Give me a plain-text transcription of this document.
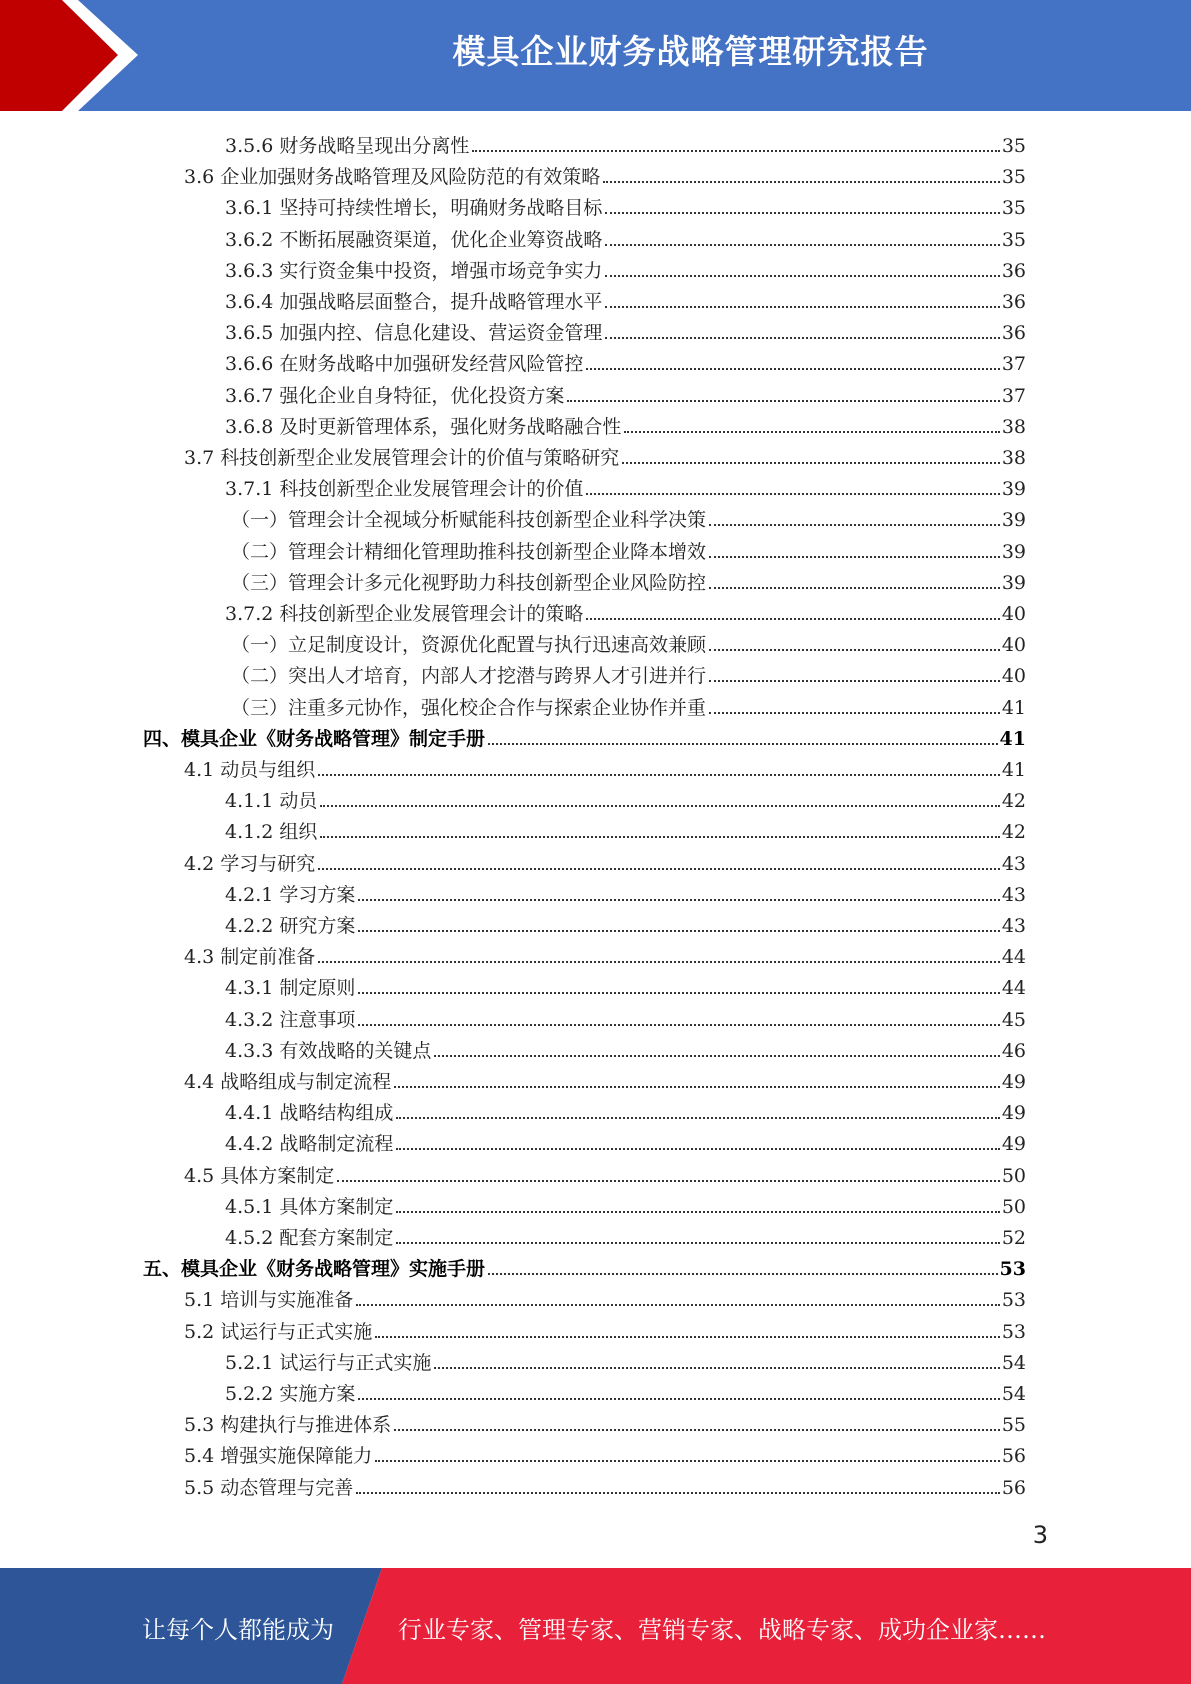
模具企业财务战略管理研究报告
3.5.6 财务战略呈现出分离性	35
3.6 企业加强财务战略管理及风险防范的有效策略	35
3.6.1 坚持可持续性增长，明确财务战略目标	35
3.6.2 不断拓展融资渠道，优化企业筹资战略	35
3.6.3 实行资金集中投资，增强市场竞争实力	36
3.6.4 加强战略层面整合，提升战略管理水平	36
3.6.5 加强内控、信息化建设、营运资金管理	36
3.6.6 在财务战略中加强研发经营风险管控	37
3.6.7 强化企业自身特征，优化投资方案	37
3.6.8 及时更新管理体系，强化财务战略融合性	38
3.7 科技创新型企业发展管理会计的价值与策略研究	38
3.7.1 科技创新型企业发展管理会计的价值	39
（一）管理会计全视域分析赋能科技创新型企业科学决策	39
（二）管理会计精细化管理助推科技创新型企业降本增效	39
（三）管理会计多元化视野助力科技创新型企业风险防控	39
3.7.2 科技创新型企业发展管理会计的策略	40
（一）立足制度设计，资源优化配置与执行迅速高效兼顾	40
（二）突出人才培育，内部人才挖潜与跨界人才引进并行	40
（三）注重多元协作，强化校企合作与探索企业协作并重	41
四、模具企业《财务战略管理》制定手册	41
4.1 动员与组织	41
4.1.1 动员	42
4.1.2 组织	42
4.2 学习与研究	43
4.2.1 学习方案	43
4.2.2 研究方案	43
4.3 制定前准备	44
4.3.1 制定原则	44
4.3.2 注意事项	45
4.3.3 有效战略的关键点	46
4.4 战略组成与制定流程	49
4.4.1 战略结构组成	49
4.4.2 战略制定流程	49
4.5 具体方案制定	50
4.5.1 具体方案制定	50
4.5.2 配套方案制定	52
五、模具企业《财务战略管理》实施手册	53
5.1 培训与实施准备	53
5.2 试运行与正式实施	53
5.2.1 试运行与正式实施	54
5.2.2 实施方案	54
5.3 构建执行与推进体系	55
5.4 增强实施保障能力	56
5.5 动态管理与完善	56
3
让每个人都能成为	行业专家、管理专家、营销专家、战略专家、成功企业家……
